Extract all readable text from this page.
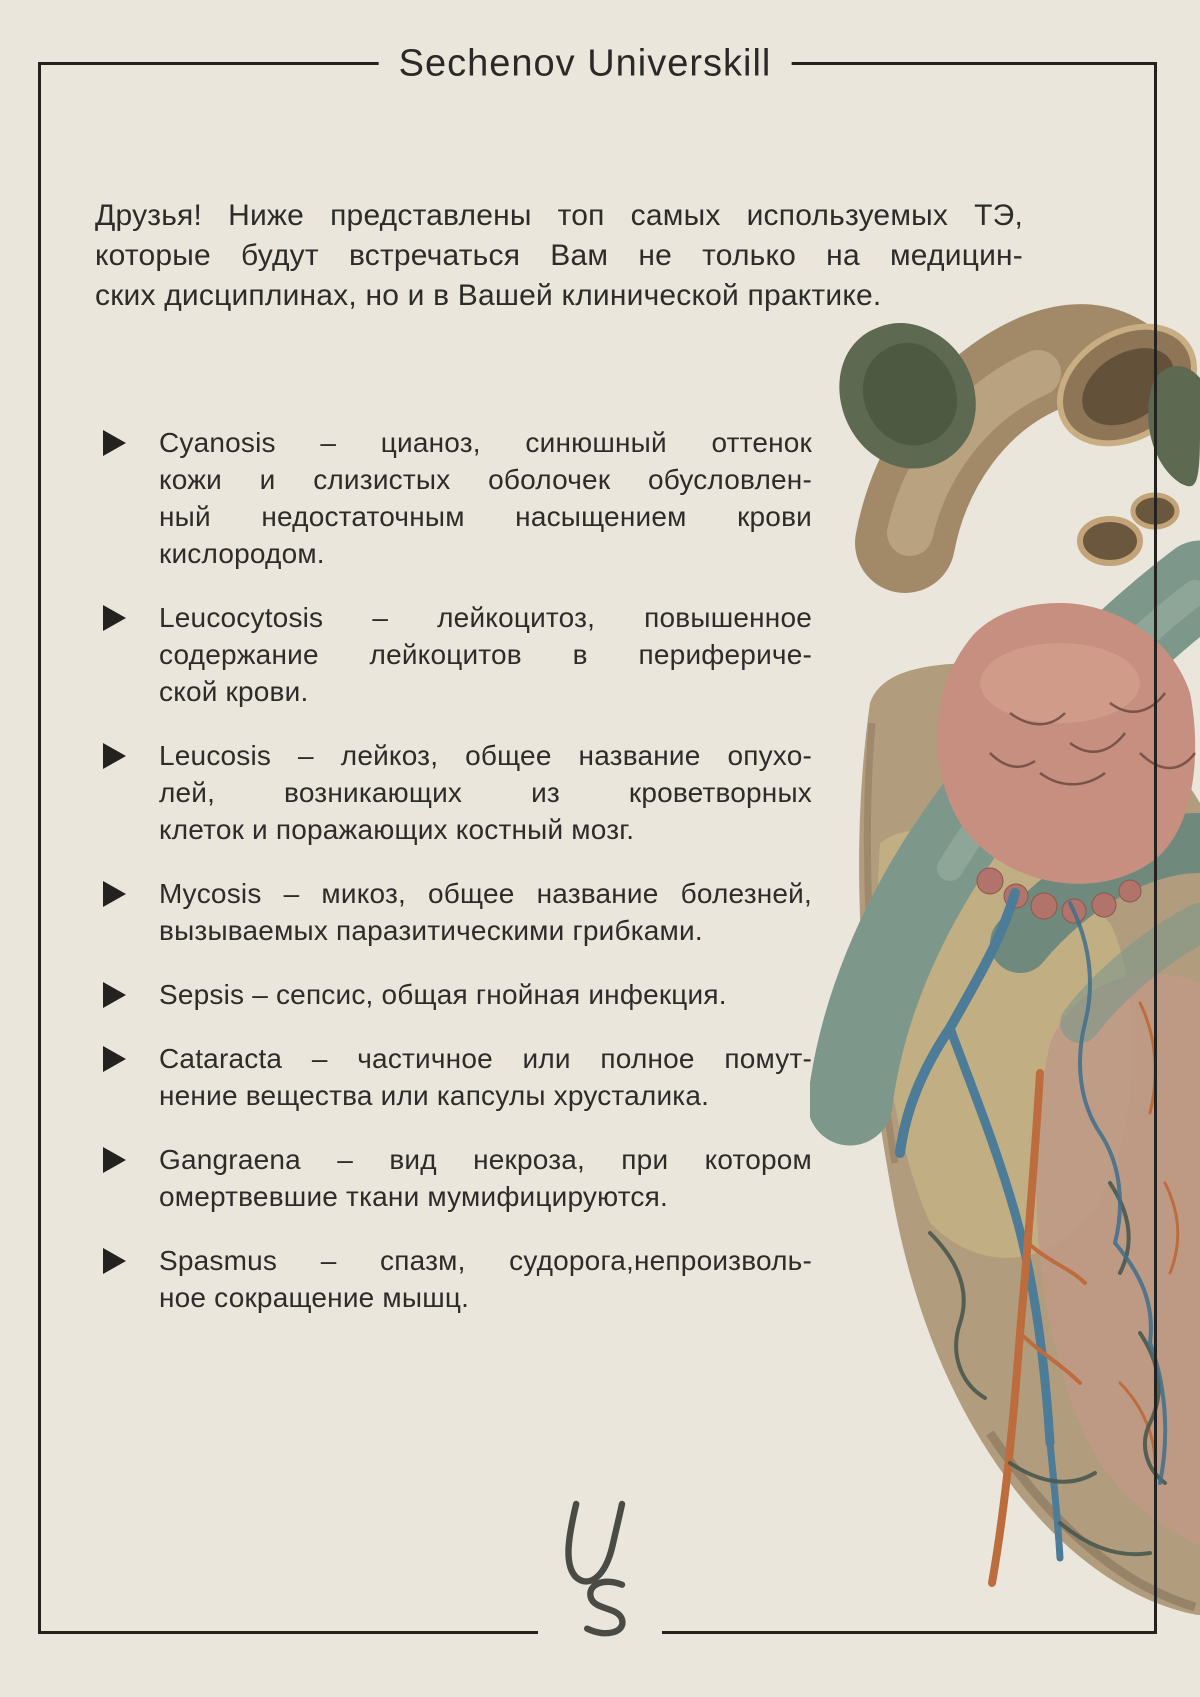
Sechenov Universkill
Друзья! Ниже представлены топ самых используемых ТЭ,
которые будут встречаться Вам не только на медицин-
ских дисциплинах, но и в Вашей клинической практике.
Cyanosis – цианоз, синюшный оттенок
кожи и слизистых оболочек обусловлен-
ный недостаточным насыщением крови
кислородом.
Leucocytosis – лейкоцитоз, повышенное
содержание лейкоцитов в перифериче-
ской крови.
Leucosis – лейкоз, общее название опухо-
лей, возникающих из кроветворных
клеток и поражающих костный мозг.
Mycosis – микоз, общее название болезней,
вызываемых паразитическими грибками.
Sepsis – сепсис, общая гнойная инфекция.
Cataracta – частичное или полное помут-
нение вещества или капсулы хрусталика.
Gangraena – вид некроза, при котором
омертвевшие ткани мумифицируются.
Spasmus – спазм, судорога,непроизволь-
ное сокращение мышц.
